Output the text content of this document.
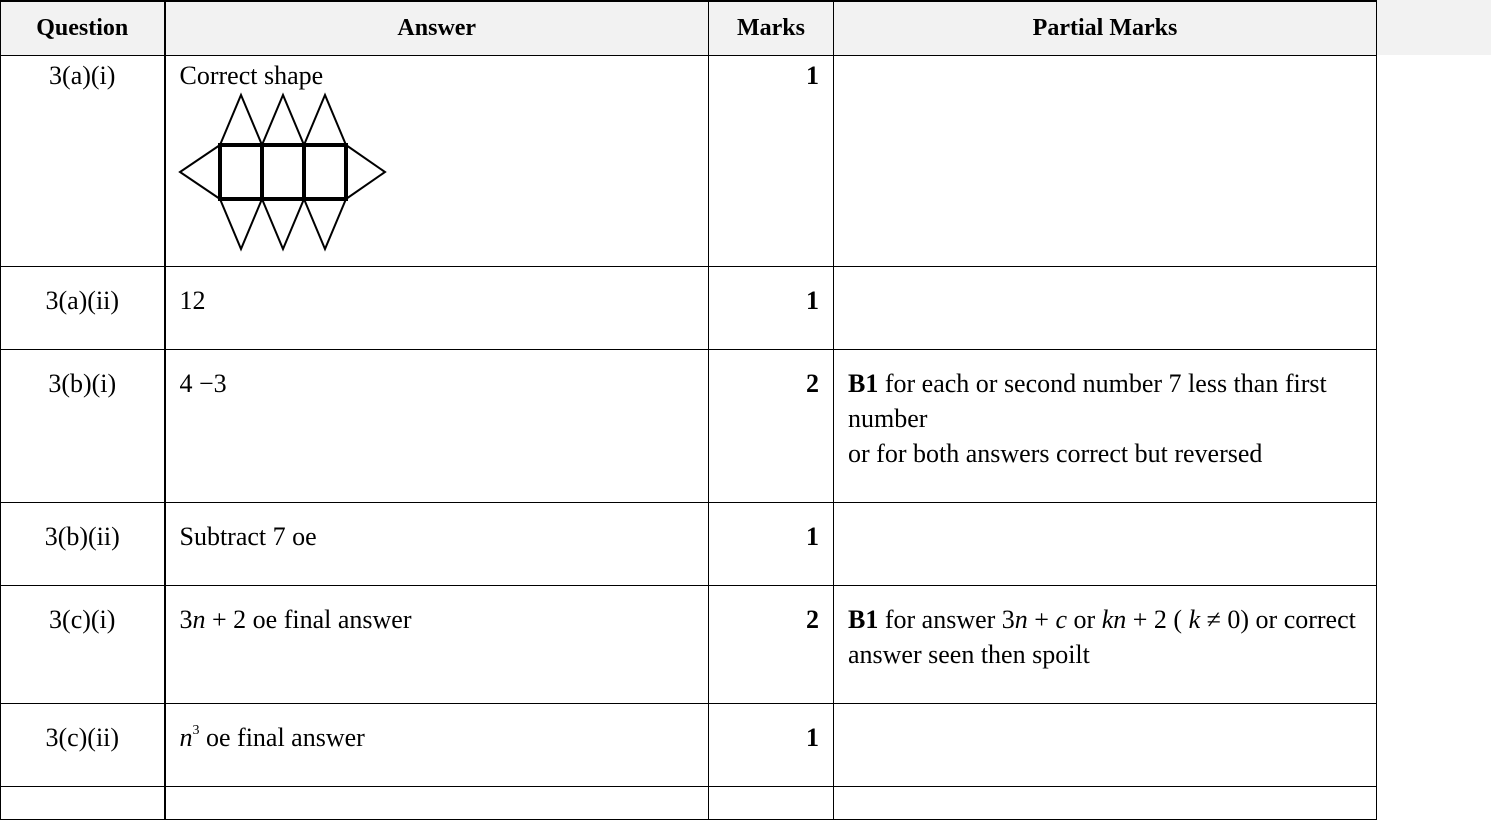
Question	Answer	Marks	Partial Marks
3(a)(i)	Correct shape	1	
3(a)(ii)	12	1	
3(b)(i)	4 −3	2	B1 for each or second number 7 less than first number
or for both answers correct but reversed

3(b)(ii)	Subtract 7 oe	1	
3(c)(i)	3n + 2 oe final answer	2	B1 for answer 3n + c or kn + 2 ( k ≠ 0) or correct answer seen then spoilt
3(c)(ii)	$n^3$ oe final answer	1	
